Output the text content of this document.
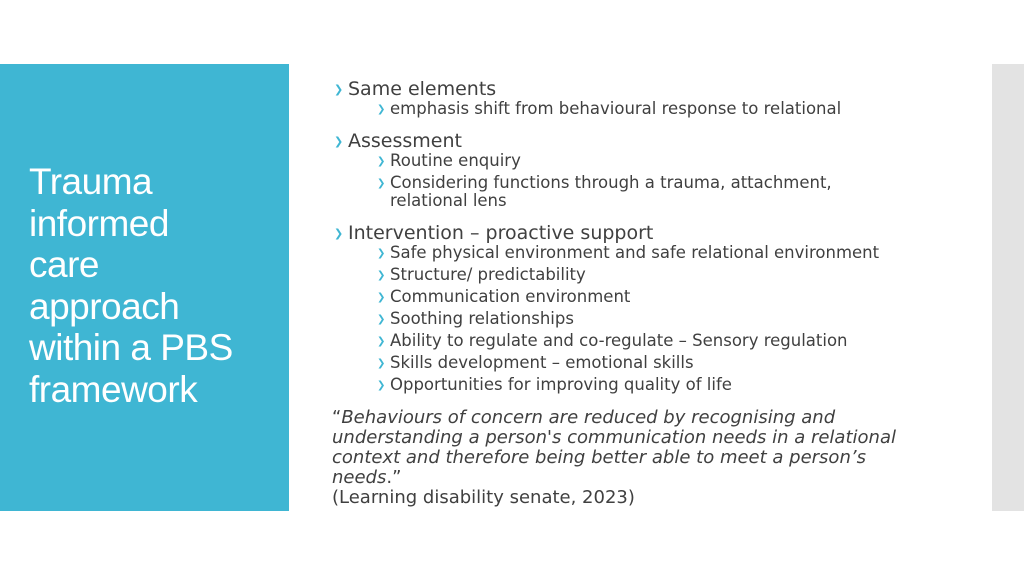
Trauma
informed
care
approach
within a PBS
framework
❯ Same elements
❯ emphasis shift from behavioural response to relational
❯ Assessment
❯ Routine enquiry
❯ Considering functions through a trauma, attachment, relational lens
❯ Intervention – proactive support
❯ Safe physical environment and safe relational environment
❯ Structure/ predictability
❯ Communication environment
❯ Soothing relationships
❯ Ability to regulate and co-regulate – Sensory regulation
❯ Skills development – emotional skills
❯ Opportunities for improving quality of life
“Behaviours of concern are reduced by recognising and understanding a person's communication needs in a relational context and therefore being better able to meet a person’s needs.”
(Learning disability senate, 2023)
